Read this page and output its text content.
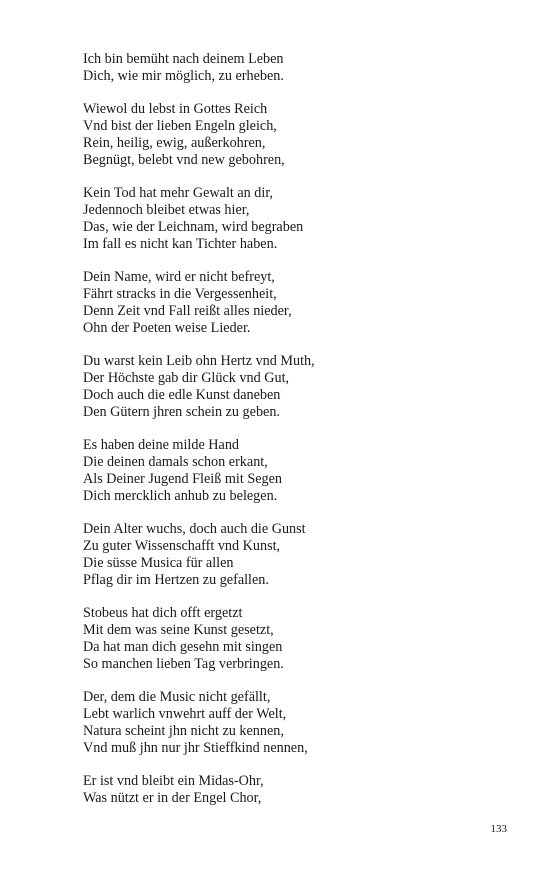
Ich bin bemüht nach deinem Leben
Dich, wie mir möglich, zu erheben.
Wiewol du lebst in Gottes Reich
Vnd bist der lieben Engeln gleich,
Rein, heilig, ewig, außerkohren,
Begnügt, belebt vnd new gebohren,
Kein Tod hat mehr Gewalt an dir,
Jedennoch bleibet etwas hier,
Das, wie der Leichnam, wird begraben
Im fall es nicht kan Tichter haben.
Dein Name, wird er nicht befreyt,
Fährt stracks in die Vergessenheit,
Denn Zeit vnd Fall reißt alles nieder,
Ohn der Poeten weise Lieder.
Du warst kein Leib ohn Hertz vnd Muth,
Der Höchste gab dir Glück vnd Gut,
Doch auch die edle Kunst daneben
Den Gütern jhren schein zu geben.
Es haben deine milde Hand
Die deinen damals schon erkant,
Als Deiner Jugend Fleiß mit Segen
Dich mercklich anhub zu belegen.
Dein Alter wuchs, doch auch die Gunst
Zu guter Wissenschafft vnd Kunst,
Die süsse Musica für allen
Pflag dir im Hertzen zu gefallen.
Stobeus hat dich offt ergetzt
Mit dem was seine Kunst gesetzt,
Da hat man dich gesehn mit singen
So manchen lieben Tag verbringen.
Der, dem die Music nicht gefällt,
Lebt warlich vnwehrt auff der Welt,
Natura scheint jhn nicht zu kennen,
Vnd muß jhn nur jhr Stieffkind nennen,
Er ist vnd bleibt ein Midas-Ohr,
Was nützt er in der Engel Chor,
133
